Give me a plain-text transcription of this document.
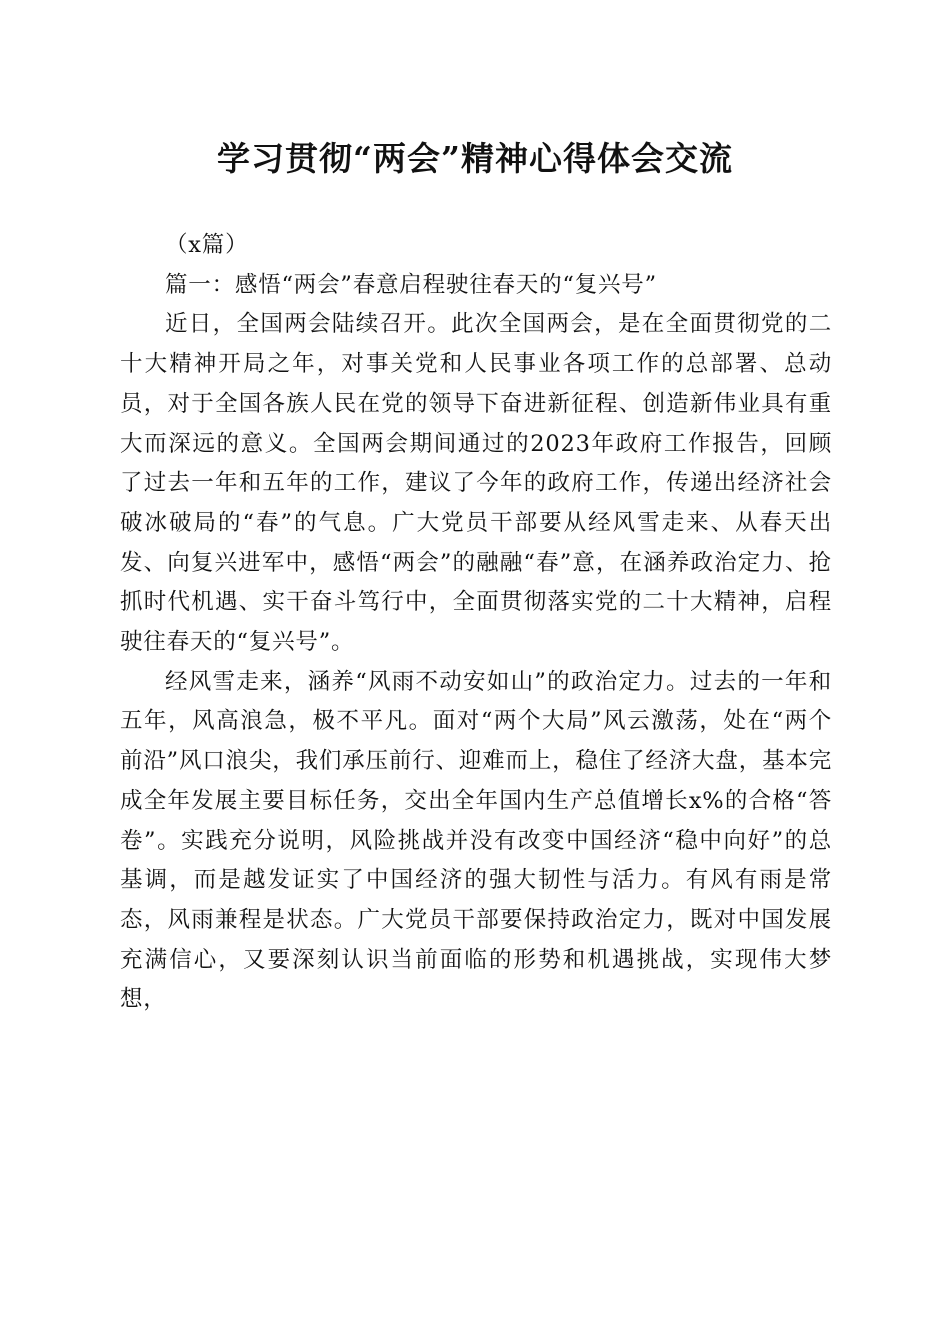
学习贯彻“两会”精神心得体会交流

（x篇）

篇一：感悟“两会”春意启程驶往春天的“复兴号”

近日，全国两会陆续召开。此次全国两会，是在全面贯彻党的二十大精神开局之年，对事关党和人民事业各项工作的总部署、总动员，对于全国各族人民在党的领导下奋进新征程、创造新伟业具有重大而深远的意义。全国两会期间通过的2023年政府工作报告，回顾了过去一年和五年的工作，建议了今年的政府工作，传递出经济社会破冰破局的“春”的气息。广大党员干部要从经风雪走来、从春天出发、向复兴进军中，感悟“两会”的融融“春”意，在涵养政治定力、抢抓时代机遇、实干奋斗笃行中，全面贯彻落实党的二十大精神，启程驶往春天的“复兴号”。

经风雪走来，涵养“风雨不动安如山”的政治定力。过去的一年和五年，风高浪急，极不平凡。面对“两个大局”风云激荡，处在“两个前沿”风口浪尖，我们承压前行、迎难而上，稳住了经济大盘，基本完成全年发展主要目标任务，交出全年国内生产总值增长x%的合格“答卷”。实践充分说明，风险挑战并没有改变中国经济“稳中向好”的总基调，而是越发证实了中国经济的强大韧性与活力。有风有雨是常态，风雨兼程是状态。广大党员干部要保持政治定力，既对中国发展充满信心，又要深刻认识当前面临的形势和机遇挑战，实现伟大梦想，
